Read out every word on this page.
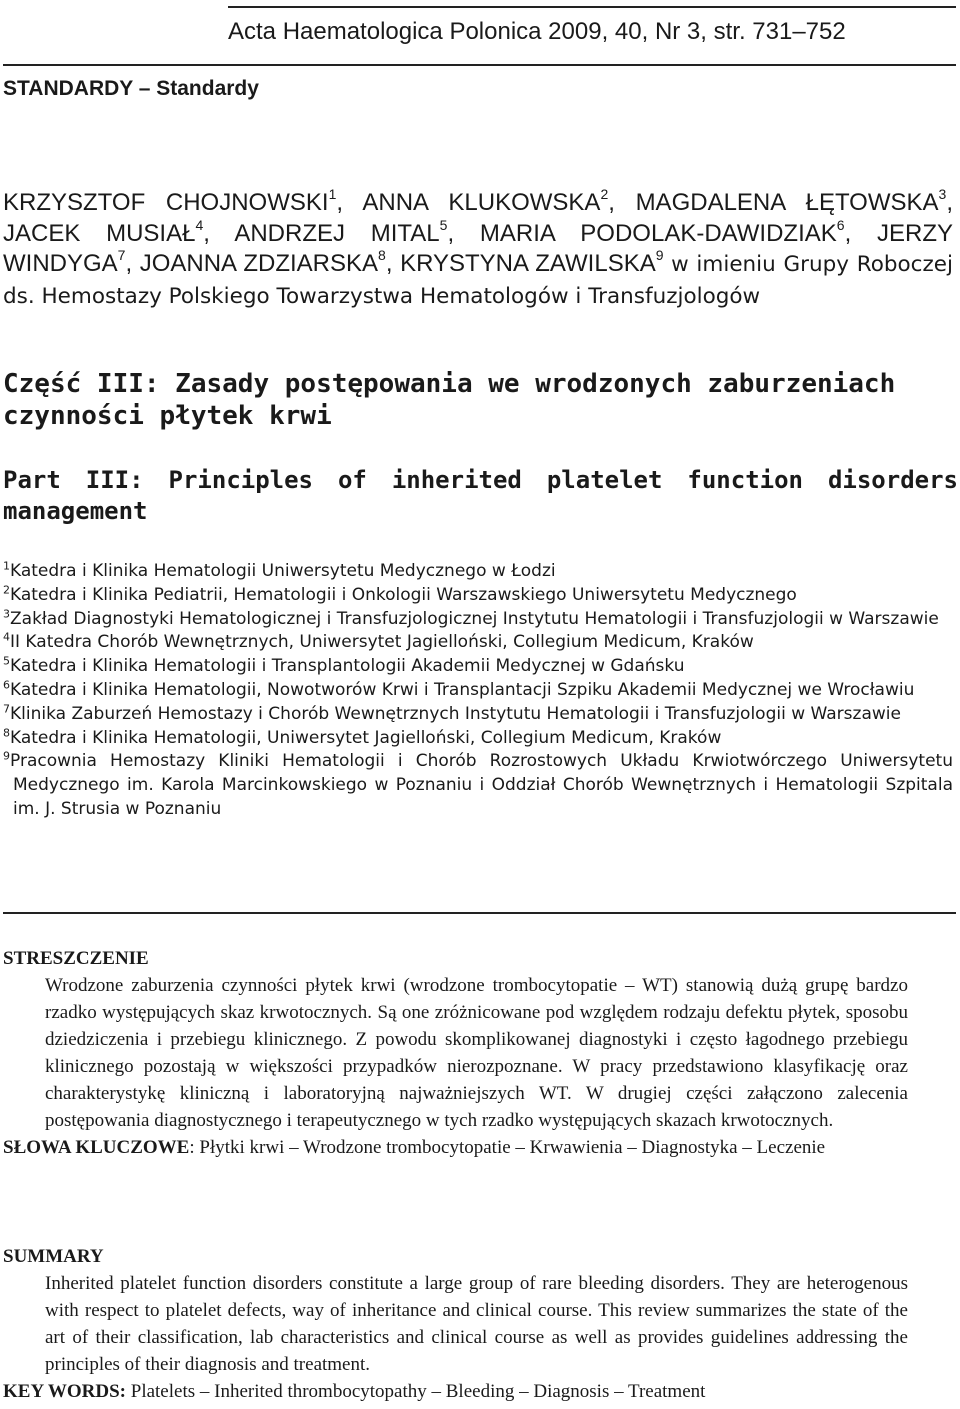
Acta Haematologica Polonica 2009, 40, Nr 3, str. 731–752
STANDARDY – Standardy
KRZYSZTOF CHOJNOWSKI$^1$, ANNA KLUKOWSKA$^2$, MAGDALENA ŁĘTOWSKA$^3$, JACEK MUSIAŁ$^4$, ANDRZEJ MITAL$^5$, MARIA PODOLAK-DAWIDZIAK$^6$, JERZY WINDYGA$^7$, JOANNA ZDZIARSKA$^8$, KRYSTYNA ZAWILSKA$^9$ w imieniu Grupy Roboczej ds. Hemostazy Polskiego Towarzystwa Hematologów i Transfuzjologów
Część III: Zasady postępowania we wrodzonych zaburzeniach czynności płytek krwi
Part III: Principles of inherited platelet function disorders management
$^1$Katedra i Klinika Hematologii Uniwersytetu Medycznego w Łodzi
$^2$Katedra i Klinika Pediatrii, Hematologii i Onkologii Warszawskiego Uniwersytetu Medycznego
$^3$Zakład Diagnostyki Hematologicznej i Transfuzjologicznej Instytutu Hematologii i Transfuzjologii w Warszawie
$^4$II Katedra Chorób Wewnętrznych, Uniwersytet Jagielloński, Collegium Medicum, Kraków
$^5$Katedra i Klinika Hematologii i Transplantologii Akademii Medycznej w Gdańsku
$^6$Katedra i Klinika Hematologii, Nowotworów Krwi i Transplantacji Szpiku Akademii Medycznej we Wrocławiu
$^7$Klinika Zaburzeń Hemostazy i Chorób Wewnętrznych Instytutu Hematologii i Transfuzjologii w Warszawie
$^8$Katedra i Klinika Hematologii, Uniwersytet Jagielloński, Collegium Medicum, Kraków
$^9$Pracownia Hemostazy Kliniki Hematologii i Chorób Rozrostowych Układu Krwiotwórczego Uniwersytetu Medycznego im. Karola Marcinkowskiego w Poznaniu i Oddział Chorób Wewnętrznych i Hematologii Szpitala im. J. Strusia w Poznaniu
STRESZCZENIE
Wrodzone zaburzenia czynności płytek krwi (wrodzone trombocytopatie – WT) stanowią dużą grupę bardzo rzadko występujących skaz krwotocznych. Są one zróżnicowane pod względem rodzaju defektu płytek, sposobu dziedziczenia i przebiegu klinicznego. Z powodu skomplikowanej diagnostyki i często łagodnego przebiegu klinicznego pozostają w większości przypadków nierozpoznane. W pracy przedstawiono klasyfikację oraz charakterystykę kliniczną i laboratoryjną najważniejszych WT. W drugiej części załączono zalecenia postępowania diagnostycznego i terapeutycznego w tych rzadko występujących skazach krwotocznych.
SŁOWA KLUCZOWE: Płytki krwi – Wrodzone trombocytopatie – Krwawienia – Diagnostyka – Leczenie
SUMMARY
Inherited platelet function disorders constitute a large group of rare bleeding disorders. They are heterogenous with respect to platelet defects, way of inheritance and clinical course. This review summarizes the state of the art of their classification, lab characteristics and clinical course as well as provides guidelines addressing the principles of their diagnosis and treatment.
KEY WORDS: Platelets – Inherited thrombocytopathy – Bleeding – Diagnosis – Treatment
